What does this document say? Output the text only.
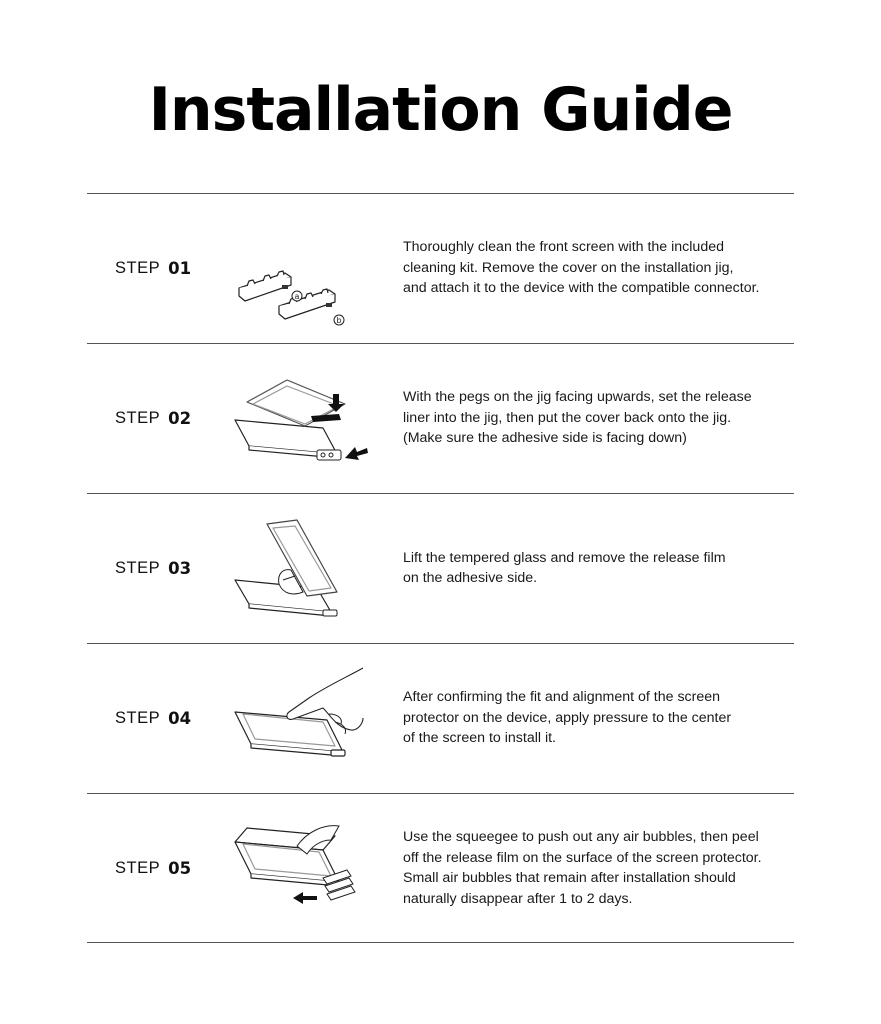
Installation Guide
STEP 01
a
b
Thoroughly clean the front screen with the included
cleaning kit. Remove the cover on the installation jig,
and attach it to the device with the compatible connector.
STEP 02
With the pegs on the jig facing upwards, set the release
liner into the jig, then put the cover back onto the jig.
(Make sure the adhesive side is facing down)
STEP 03
Lift the tempered glass and remove the release film
on the adhesive side.
STEP 04
After confirming the fit and alignment of the screen
protector on the device, apply pressure to the center
of the screen to install it.
STEP 05
Use the squeegee to push out any air bubbles, then peel
off the release film on the surface of the screen protector.
Small air bubbles that remain after installation should
naturally disappear after 1 to 2 days.
